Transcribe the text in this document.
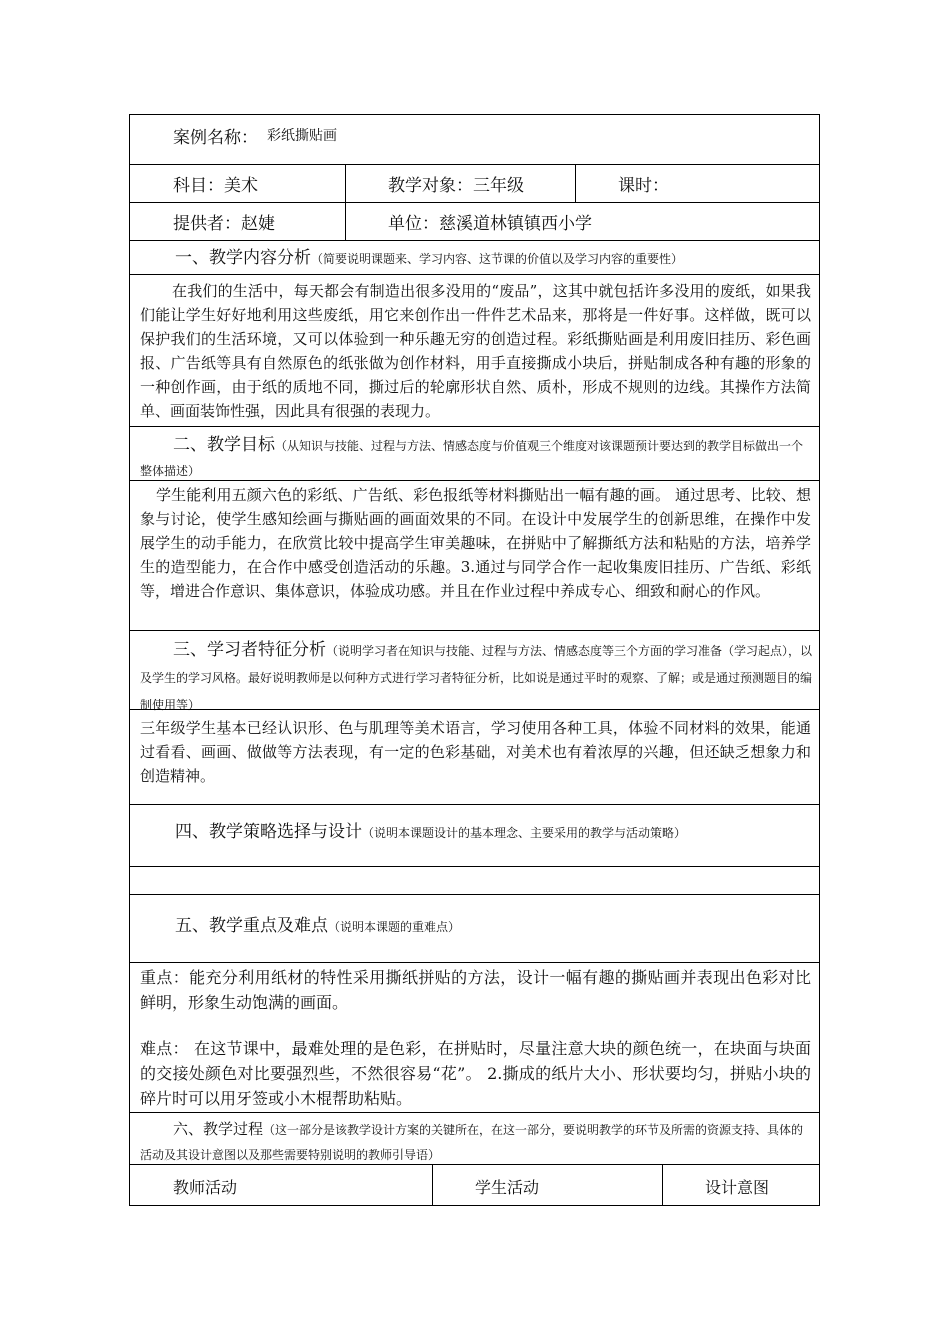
案例名称： 彩纸撕贴画
科目：美术	教学对象：三年级	课时：
提供者：赵婕	单位：慈溪道林镇镇西小学
一、教学内容分析（简要说明课题来、学习内容、这节课的价值以及学习内容的重要性）
在我们的生活中，每天都会有制造出很多没用的“废品”，这其中就包括许多没用的废纸，如果我们能让学生好好地利用这些废纸，用它来创作出一件件艺术品来，那将是一件好事。这样做，既可以保护我们的生活环境，又可以体验到一种乐趣无穷的创造过程。彩纸撕贴画是利用废旧挂历、彩色画报、广告纸等具有自然原色的纸张做为创作材料，用手直接撕成小块后，拼贴制成各种有趣的形象的一种创作画，由于纸的质地不同，撕过后的轮廓形状自然、质朴，形成不规则的边线。其操作方法简单、画面装饰性强，因此具有很强的表现力。
二、教学目标（从知识与技能、过程与方法、情感态度与价值观三个维度对该课题预计要达到的教学目标做出一个整体描述）
学生能利用五颜六色的彩纸、广告纸、彩色报纸等材料撕贴出一幅有趣的画。 通过思考、比较、想象与讨论，使学生感知绘画与撕贴画的画面效果的不同。在设计中发展学生的创新思维，在操作中发展学生的动手能力，在欣赏比较中提高学生审美趣味，在拼贴中了解撕纸方法和粘贴的方法，培养学生的造型能力，在合作中感受创造活动的乐趣。3.通过与同学合作一起收集废旧挂历、广告纸、彩纸等，增进合作意识、集体意识，体验成功感。并且在作业过程中养成专心、细致和耐心的作风。
三、学习者特征分析（说明学习者在知识与技能、过程与方法、情感态度等三个方面的学习准备（学习起点），以及学生的学习风格。最好说明教师是以何种方式进行学习者特征分析，比如说是通过平时的观察、了解；或是通过预测题目的编制使用等）
三年级学生基本已经认识形、色与肌理等美术语言，学习使用各种工具，体验不同材料的效果，能通过看看、画画、做做等方法表现，有一定的色彩基础，对美术也有着浓厚的兴趣，但还缺乏想象力和创造精神。
四、教学策略选择与设计（说明本课题设计的基本理念、主要采用的教学与活动策略）
五、教学重点及难点（说明本课题的重难点）
重点：能充分利用纸材的特性采用撕纸拼贴的方法，设计一幅有趣的撕贴画并表现出色彩对比鲜明，形象生动饱满的画面。
难点： 在这节课中，最难处理的是色彩，在拼贴时，尽量注意大块的颜色统一，在块面与块面的交接处颜色对比要强烈些，不然很容易“花”。 2.撕成的纸片大小、形状要均匀，拼贴小块的碎片时可以用牙签或小木棍帮助粘贴。
六、教学过程（这一部分是该教学设计方案的关键所在，在这一部分，要说明教学的环节及所需的资源支持、具体的活动及其设计意图以及那些需要特别说明的教师引导语）
教师活动	学生活动	设计意图
